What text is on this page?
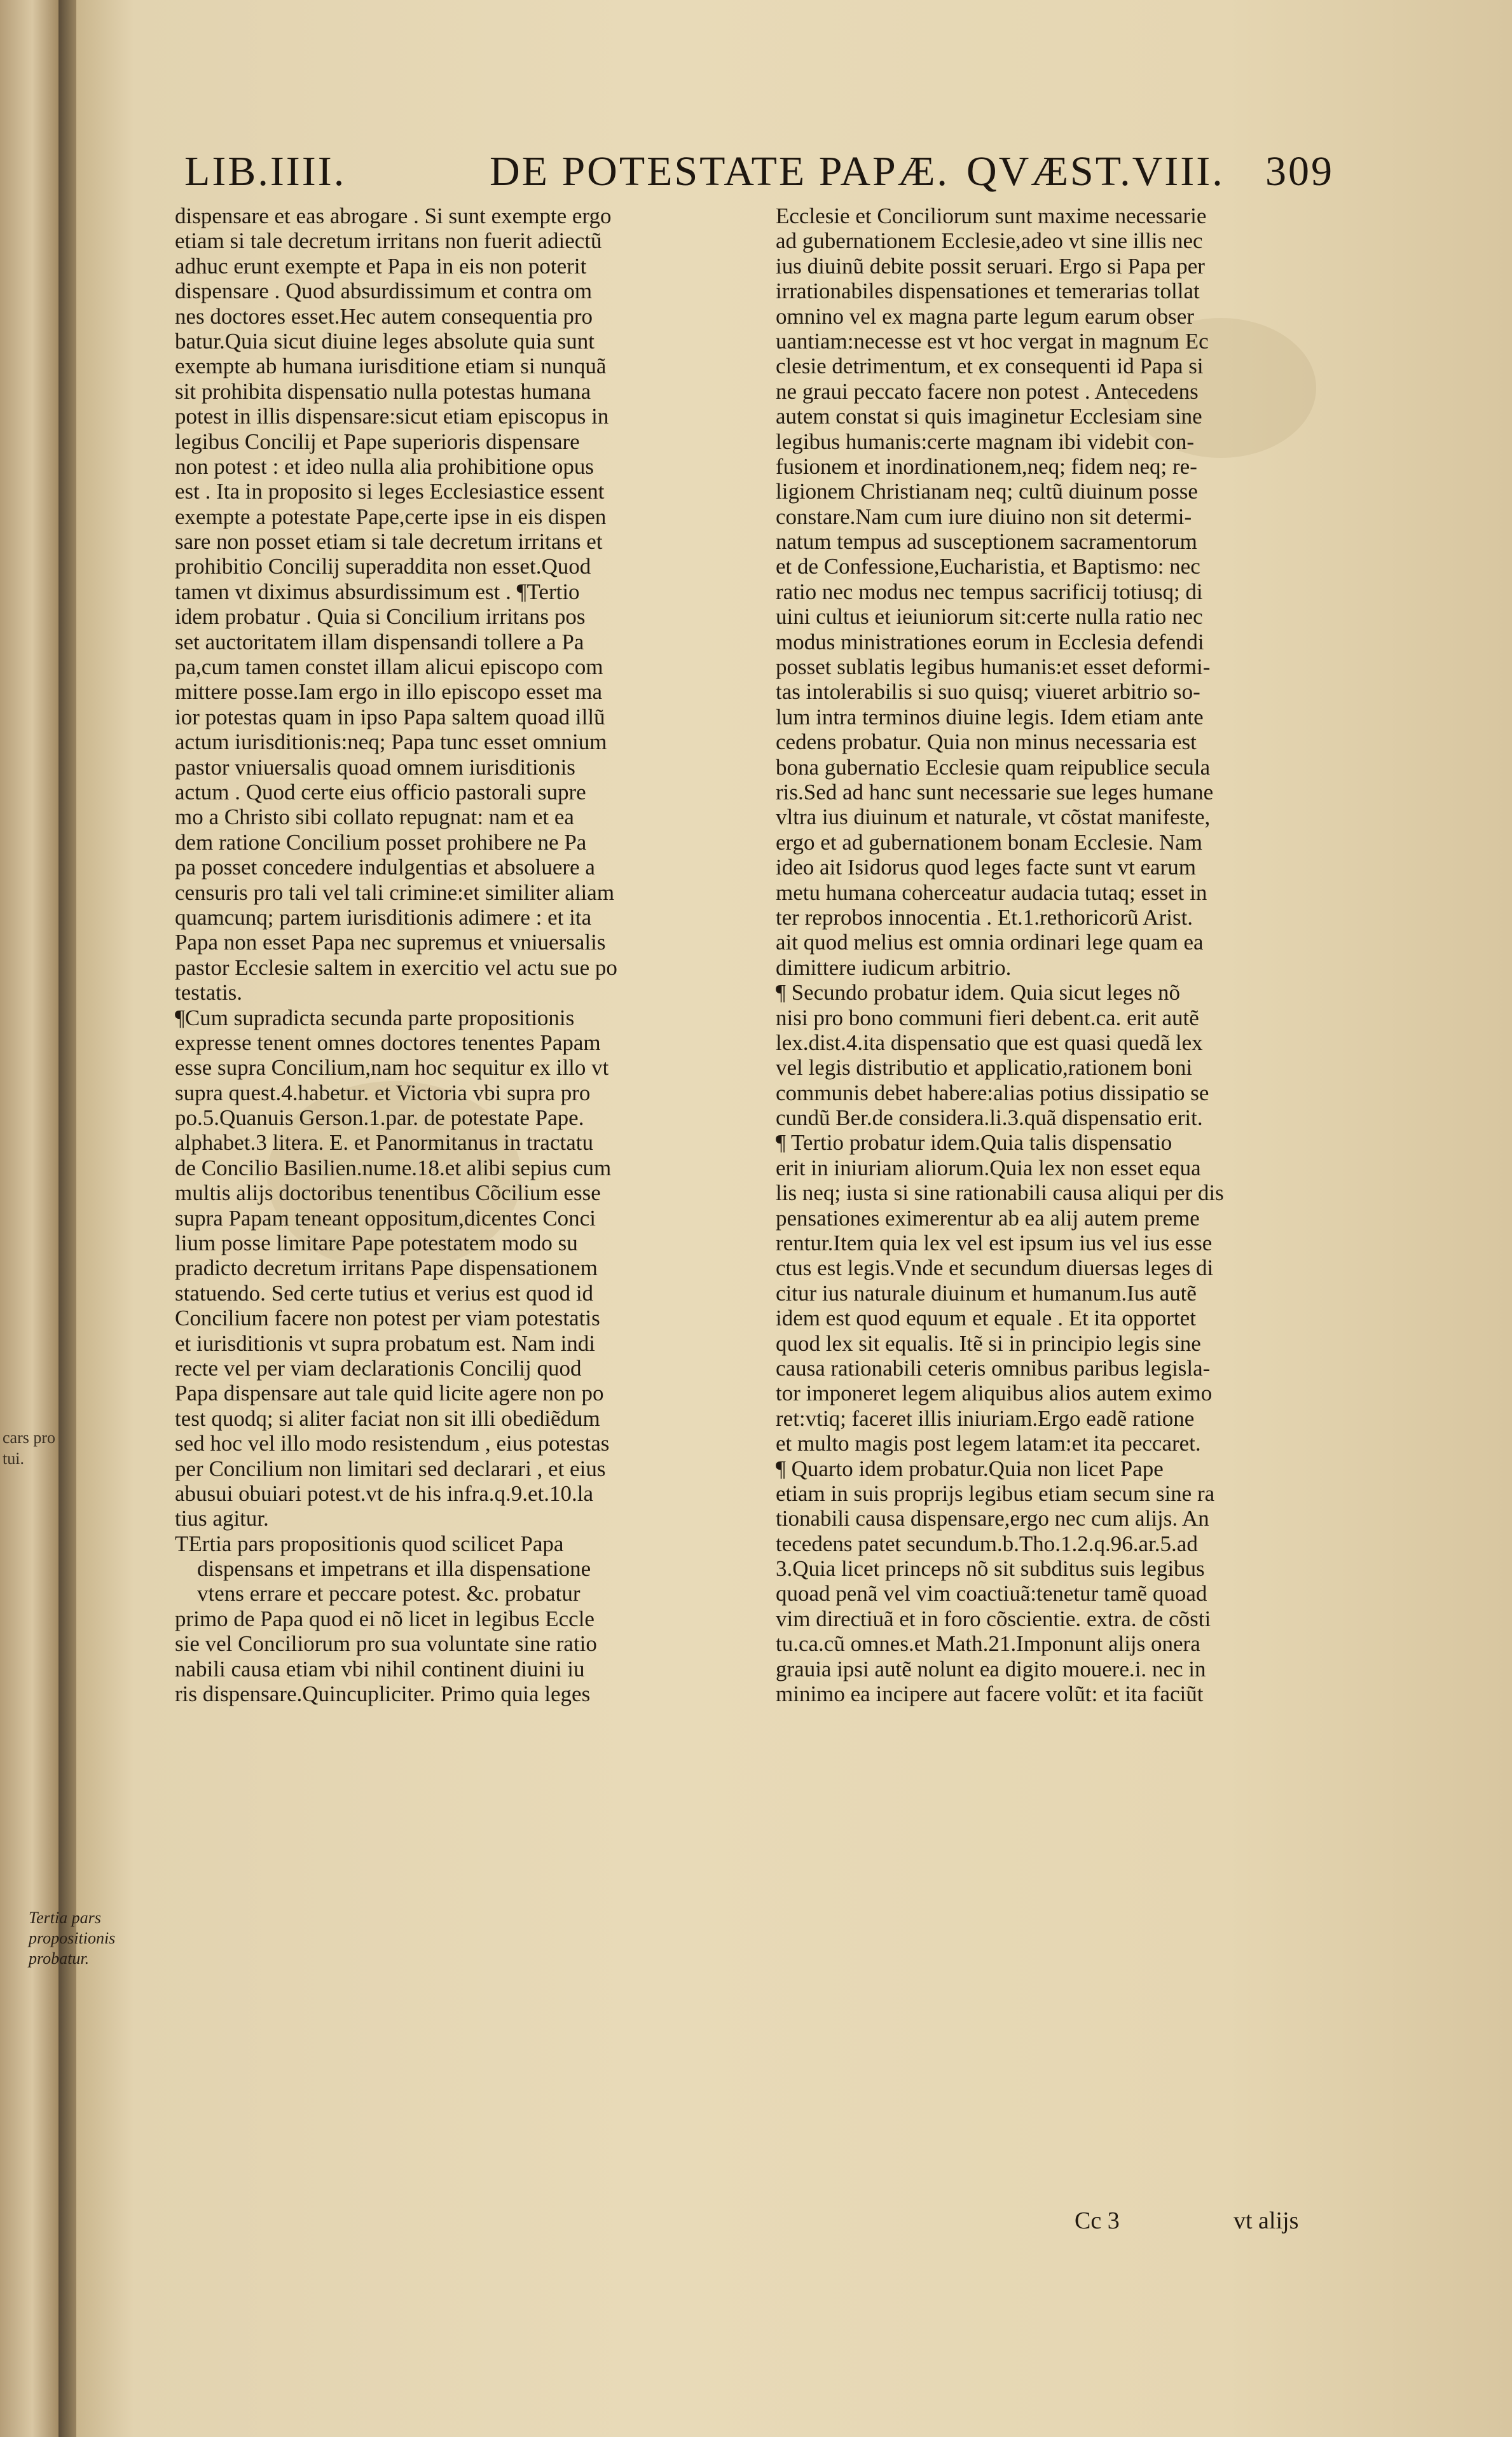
cars pro
tui.
LIB.IIII.	DE POTESTATE PAPÆ. QVÆST.VIII. 309
Tertia pars
propositionis
probatur.
dispensare et eas abrogare . Si sunt exempte ergo
etiam si tale decretum irritans non fuerit adiectũ
adhuc erunt exempte et Papa in eis non poterit
dispensare . Quod absurdissimum et contra om
nes doctores esset.Hec autem consequentia pro
batur.Quia sicut diuine leges absolute quia sunt
exempte ab humana iurisditione etiam si nunquã
sit prohibita dispensatio nulla potestas humana
potest in illis dispensare:sicut etiam episcopus in
legibus Concilij et Pape superioris dispensare
non potest : et ideo nulla alia prohibitione opus
est . Ita in proposito si leges Ecclesiastice essent
exempte a potestate Pape,certe ipse in eis dispen
sare non posset etiam si tale decretum irritans et
prohibitio Concilij superaddita non esset.Quod
tamen vt diximus absurdissimum est . ¶Tertio
idem probatur . Quia si Concilium irritans pos
set auctoritatem illam dispensandi tollere a Pa
pa,cum tamen constet illam alicui episcopo com
mittere posse.Iam ergo in illo episcopo esset ma
ior potestas quam in ipso Papa saltem quoad illũ
actum iurisditionis:neq; Papa tunc esset omnium
pastor vniuersalis quoad omnem iurisditionis
actum . Quod certe eius officio pastorali supre
mo a Christo sibi collato repugnat: nam et ea
dem ratione Concilium posset prohibere ne Pa
pa posset concedere indulgentias et absoluere a
censuris pro tali vel tali crimine:et similiter aliam
quamcunq; partem iurisditionis adimere : et ita
Papa non esset Papa nec supremus et vniuersalis
pastor Ecclesie saltem in exercitio vel actu sue po
testatis.
¶Cum supradicta secunda parte propositionis
expresse tenent omnes doctores tenentes Papam
esse supra Concilium,nam hoc sequitur ex illo vt
supra quest.4.habetur. et Victoria vbi supra pro
po.5.Quanuis Gerson.1.par. de potestate Pape.
alphabet.3 litera. E. et Panormitanus in tractatu
de Concilio Basilien.nume.18.et alibi sepius cum
multis alijs doctoribus tenentibus Cõcilium esse
supra Papam teneant oppositum,dicentes Conci
lium posse limitare Pape potestatem modo su
pradicto decretum irritans Pape dispensationem
statuendo. Sed certe tutius et verius est quod id
Concilium facere non potest per viam potestatis
et iurisditionis vt supra probatum est. Nam indi
recte vel per viam declarationis Concilij quod
Papa dispensare aut tale quid licite agere non po
test quodq; si aliter faciat non sit illi obediẽdum
sed hoc vel illo modo resistendum , eius potestas
per Concilium non limitari sed declarari , et eius
abusui obuiari potest.vt de his infra.q.9.et.10.la
tius agitur.
TErtia pars propositionis quod scilicet Papa
dispensans et impetrans et illa dispensatione
vtens errare et peccare potest. &c. probatur
primo de Papa quod ei nõ licet in legibus Eccle
sie vel Conciliorum pro sua voluntate sine ratio
nabili causa etiam vbi nihil continent diuini iu
ris dispensare.Quincupliciter. Primo quia leges
Ecclesie et Conciliorum sunt maxime necessarie
ad gubernationem Ecclesie,adeo vt sine illis nec
ius diuinũ debite possit seruari. Ergo si Papa per
irrationabiles dispensationes et temerarias tollat
omnino vel ex magna parte legum earum obser
uantiam:necesse est vt hoc vergat in magnum Ec
clesie detrimentum, et ex consequenti id Papa si
ne graui peccato facere non potest . Antecedens
autem constat si quis imaginetur Ecclesiam sine
legibus humanis:certe magnam ibi videbit con-
fusionem et inordinationem,neq; fidem neq; re-
ligionem Christianam neq; cultũ diuinum posse
constare.Nam cum iure diuino non sit determi-
natum tempus ad susceptionem sacramentorum
et de Confessione,Eucharistia, et Baptismo: nec
ratio nec modus nec tempus sacrificij totiusq; di
uini cultus et ieiuniorum sit:certe nulla ratio nec
modus ministrationes eorum in Ecclesia defendi
posset sublatis legibus humanis:et esset deformi-
tas intolerabilis si suo quisq; viueret arbitrio so-
lum intra terminos diuine legis. Idem etiam ante
cedens probatur. Quia non minus necessaria est
bona gubernatio Ecclesie quam reipublice secula
ris.Sed ad hanc sunt necessarie sue leges humane
vltra ius diuinum et naturale, vt cõstat manifeste,
ergo et ad gubernationem bonam Ecclesie. Nam
ideo ait Isidorus quod leges facte sunt vt earum
metu humana coherceatur audacia tutaq; esset in
ter reprobos innocentia . Et.1.rethoricorũ Arist.
ait quod melius est omnia ordinari lege quam ea
dimittere iudicum arbitrio.
¶ Secundo probatur idem. Quia sicut leges nõ
nisi pro bono communi fieri debent.ca. erit autẽ
lex.dist.4.ita dispensatio que est quasi quedã lex
vel legis distributio et applicatio,rationem boni
communis debet habere:alias potius dissipatio se
cundũ Ber.de considera.li.3.quã dispensatio erit.
¶ Tertio probatur idem.Quia talis dispensatio
erit in iniuriam aliorum.Quia lex non esset equa
lis neq; iusta si sine rationabili causa aliqui per dis
pensationes eximerentur ab ea alij autem preme
rentur.Item quia lex vel est ipsum ius vel ius esse
ctus est legis.Vnde et secundum diuersas leges di
citur ius naturale diuinum et humanum.Ius autẽ
idem est quod equum et equale . Et ita opportet
quod lex sit equalis. Itẽ si in principio legis sine
causa rationabili ceteris omnibus paribus legisla-
tor imponeret legem aliquibus alios autem eximo
ret:vtiq; faceret illis iniuriam.Ergo eadẽ ratione
et multo magis post legem latam:et ita peccaret.
¶ Quarto idem probatur.Quia non licet Pape
etiam in suis proprijs legibus etiam secum sine ra
tionabili causa dispensare,ergo nec cum alijs. An
tecedens patet secundum.b.Tho.1.2.q.96.ar.5.ad
3.Quia licet princeps nõ sit subditus suis legibus
quoad penã vel vim coactiuã:tenetur tamẽ quoad
vim directiuã et in foro cõscientie. extra. de cõsti
tu.ca.cũ omnes.et Math.21.Imponunt alijs onera
grauia ipsi autẽ nolunt ea digito mouere.i. nec in
minimo ea incipere aut facere volũt: et ita faciũt
Cc 3	vt alijs
